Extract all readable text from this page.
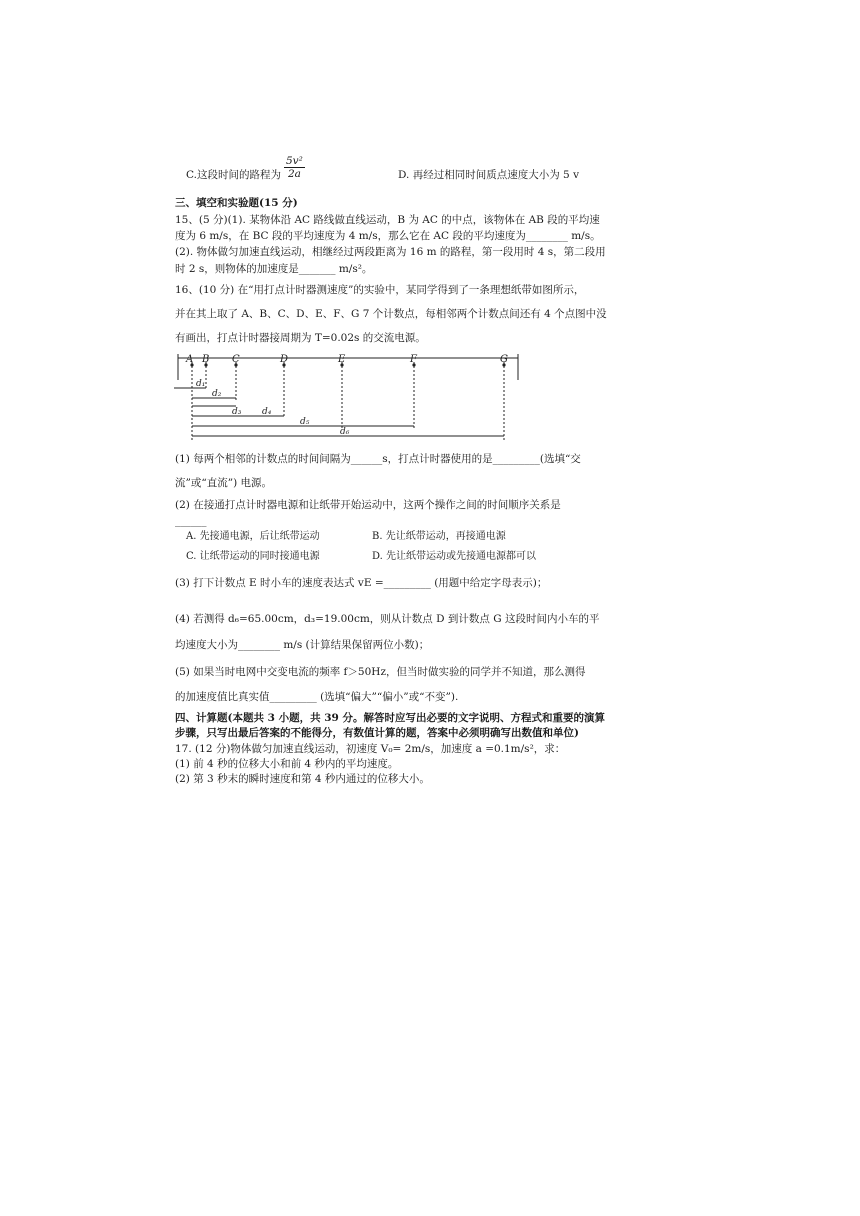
C.这段时间的路程为 $\frac{\text{5v²}}{2a}$	D. 再经过相同时间质点速度大小为 5 v
三、填空和实验题(15 分)
15、(5 分)(1). 某物体沿 AC 路线做直线运动，B 为 AC 的中点，该物体在 AB 段的平均速
度为 6 m/s，在 BC 段的平均速度为 4 m/s，那么它在 AC 段的平均速度为________ m/s。
(2). 物体做匀加速直线运动，相继经过两段距离为 16 m 的路程，第一段用时 4 s，第二段用
时 2 s，则物体的加速度是_______ m/s²。
16、(10 分) 在“用打点计时器测速度”的实验中，某同学得到了一条理想纸带如图所示，
并在其上取了 A、B、C、D、E、F、G 7 个计数点，每相邻两个计数点间还有 4 个点图中没
有画出，打点计时器接周期为 T=0.02s 的交流电源。
A B C	D	E	F	G
d₁
d₂
d₃ d₄
d₅
d₆
(1) 每两个相邻的计数点的时间间隔为______s，打点计时器使用的是_________(选填“交
流”或“直流”) 电源。
(2) 在接通打点计时器电源和让纸带开始运动中，这两个操作之间的时间顺序关系是
______
A. 先接通电源，后让纸带运动	B. 先让纸带运动，再接通电源
C. 让纸带运动的同时接通电源	D. 先让纸带运动或先接通电源都可以
(3) 打下计数点 E 时小车的速度表达式 vE =_________ (用题中给定字母表示)；
(4) 若测得 d₆=65.00cm，d₃=19.00cm，则从计数点 D 到计数点 G 这段时间内小车的平
均速度大小为________ m/s (计算结果保留两位小数)；
(5) 如果当时电网中交变电流的频率 f＞50Hz，但当时做实验的同学并不知道，那么测得
的加速度值比真实值_________ (选填“偏大”“偏小”或“不变”).
四、计算题(本题共 3 小题，共 39 分。解答时应写出必要的文字说明、方程式和重要的演算
步骤，只写出最后答案的不能得分，有数值计算的题，答案中必须明确写出数值和单位)
17. (12 分)物体做匀加速直线运动，初速度 V₀= 2m/s，加速度 a =0.1m/s²，求：
(1) 前 4 秒的位移大小和前 4 秒内的平均速度。
(2) 第 3 秒末的瞬时速度和第 4 秒内通过的位移大小。
